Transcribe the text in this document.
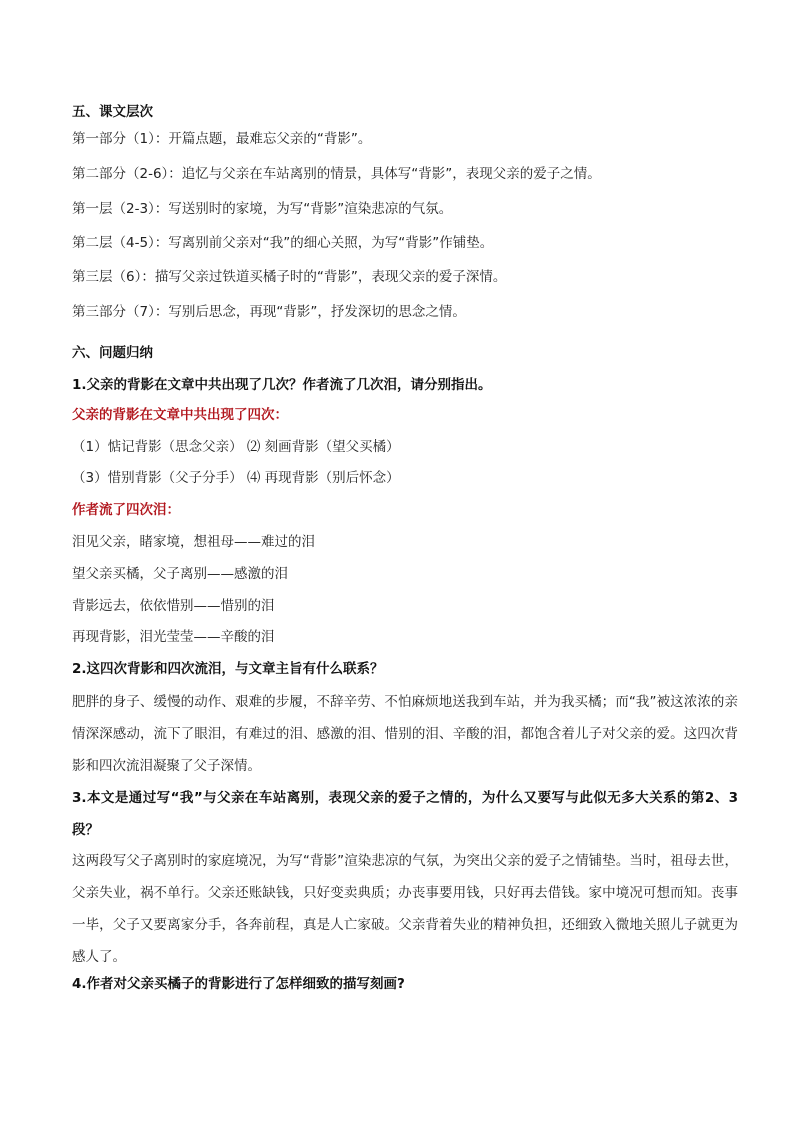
五、课文层次
第一部分（1）：开篇点题，最难忘父亲的“背影”。
第二部分（2-6）：追忆与父亲在车站离别的情景，具体写“背影”，表现父亲的爱子之情。
第一层（2-3）：写送别时的家境，为写“背影”渲染悲凉的气氛。
第二层（4-5）：写离别前父亲对“我”的细心关照，为写“背影”作铺垫。
第三层（6）：描写父亲过铁道买橘子时的“背影”，表现父亲的爱子深情。
第三部分（7）：写别后思念，再现“背影”，抒发深切的思念之情。
六、问题归纳
1.父亲的背影在文章中共出现了几次？作者流了几次泪，请分别指出。
父亲的背影在文章中共出现了四次：
（1）惦记背影（思念父亲） ⑵ 刻画背影（望父买橘）
（3）惜别背影（父子分手） ⑷ 再现背影（别后怀念）
作者流了四次泪：
泪见父亲，睹家境，想祖母——难过的泪
望父亲买橘，父子离别——感激的泪
背影远去，依依惜别——惜别的泪
再现背影，泪光莹莹——辛酸的泪
2.这四次背影和四次流泪，与文章主旨有什么联系？
肥胖的身子、缓慢的动作、艰难的步履，不辞辛劳、不怕麻烦地送我到车站，并为我买橘；而“我”被这浓浓的亲情深深感动，流下了眼泪，有难过的泪、感激的泪、惜别的泪、辛酸的泪，都饱含着儿子对父亲的爱。这四次背影和四次流泪凝聚了父子深情。
3.本文是通过写“我”与父亲在车站离别，表现父亲的爱子之情的，为什么又要写与此似无多大关系的第2、3段？
这两段写父子离别时的家庭境况，为写“背影”渲染悲凉的气氛，为突出父亲的爱子之情铺垫。当时，祖母去世，父亲失业，祸不单行。父亲还账缺钱，只好变卖典质；办丧事要用钱，只好再去借钱。家中境况可想而知。丧事一毕，父子又要离家分手，各奔前程，真是人亡家破。父亲背着失业的精神负担，还细致入微地关照儿子就更为感人了。
4.作者对父亲买橘子的背影进行了怎样细致的描写刻画?
